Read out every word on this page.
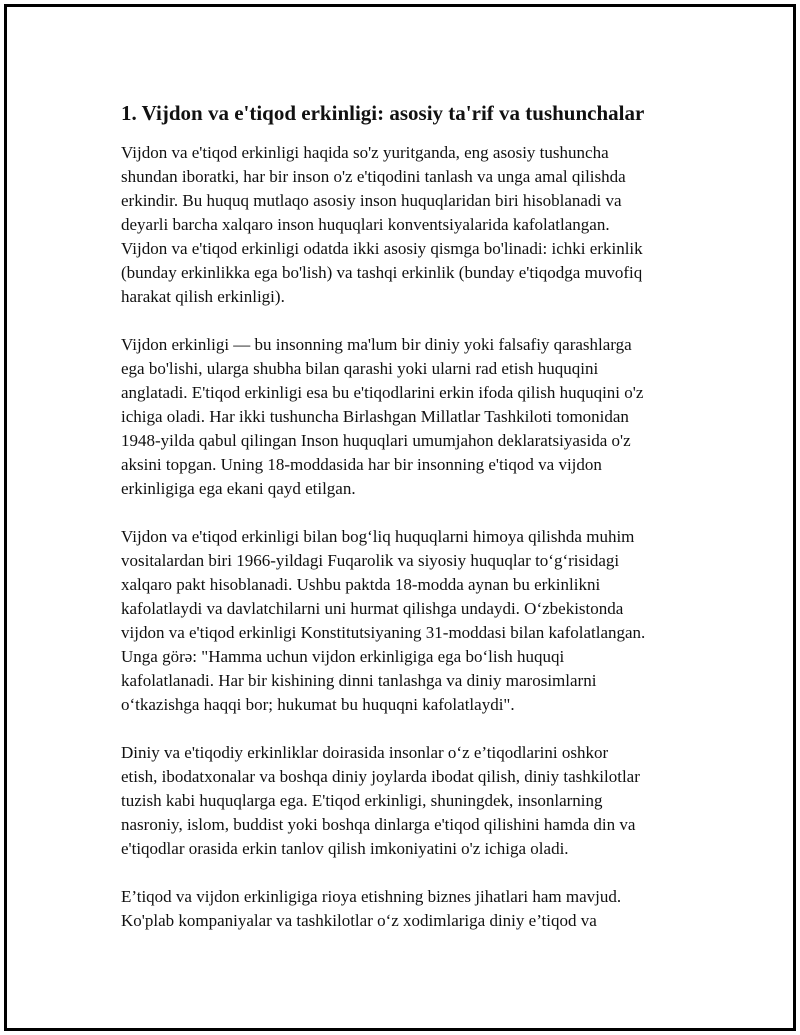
1. Vijdon va e'tiqod erkinligi: asosiy ta'rif va tushunchalar

Vijdon va e'tiqod erkinligi haqida so'z yuritganda, eng asosiy tushuncha
shundan iboratki, har bir inson o'z e'tiqodini tanlash va unga amal qilishda
erkindir. Bu huquq mutlaqo asosiy inson huquqlaridan biri hisoblanadi va
deyarli barcha xalqaro inson huquqlari konventsiyalarida kafolatlangan.
Vijdon va e'tiqod erkinligi odatda ikki asosiy qismga bo'linadi: ichki erkinlik
(bunday erkinlikka ega bo'lish) va tashqi erkinlik (bunday e'tiqodga muvofiq
harakat qilish erkinligi).

Vijdon erkinligi — bu insonning ma'lum bir diniy yoki falsafiy qarashlarga
ega bo'lishi, ularga shubha bilan qarashi yoki ularni rad etish huquqini
anglatadi. E'tiqod erkinligi esa bu e'tiqodlarini erkin ifoda qilish huquqini o'z
ichiga oladi. Har ikki tushuncha Birlashgan Millatlar Tashkiloti tomonidan
1948-yilda qabul qilingan Inson huquqlari umumjahon deklaratsiyasida o'z
aksini topgan. Uning 18-moddasida har bir insonning e'tiqod va vijdon
erkinligiga ega ekani qayd etilgan.

Vijdon va e'tiqod erkinligi bilan bog‘liq huquqlarni himoya qilishda muhim
vositalardan biri 1966-yildagi Fuqarolik va siyosiy huquqlar to‘g‘risidagi
xalqaro pakt hisoblanadi. Ushbu paktda 18-modda aynan bu erkinlikni
kafolatlaydi va davlatchilarni uni hurmat qilishga undaydi. O‘zbekistonda
vijdon va e'tiqod erkinligi Konstitutsiyaning 31-moddasi bilan kafolatlangan.
Unga görə: "Hamma uchun vijdon erkinligiga ega bo‘lish huquqi
kafolatlanadi. Har bir kishining dinni tanlashga va diniy marosimlarni
o‘tkazishga haqqi bor; hukumat bu huquqni kafolatlaydi".

Diniy va e'tiqodiy erkinliklar doirasida insonlar o‘z e’tiqodlarini oshkor
etish, ibodatxonalar va boshqa diniy joylarda ibodat qilish, diniy tashkilotlar
tuzish kabi huquqlarga ega. E'tiqod erkinligi, shuningdek, insonlarning
nasroniy, islom, buddist yoki boshqa dinlarga e'tiqod qilishini hamda din va
e'tiqodlar orasida erkin tanlov qilish imkoniyatini o'z ichiga oladi.

E’tiqod va vijdon erkinligiga rioya etishning biznes jihatlari ham mavjud.
Ko'plab kompaniyalar va tashkilotlar o‘z xodimlariga diniy e’tiqod va
